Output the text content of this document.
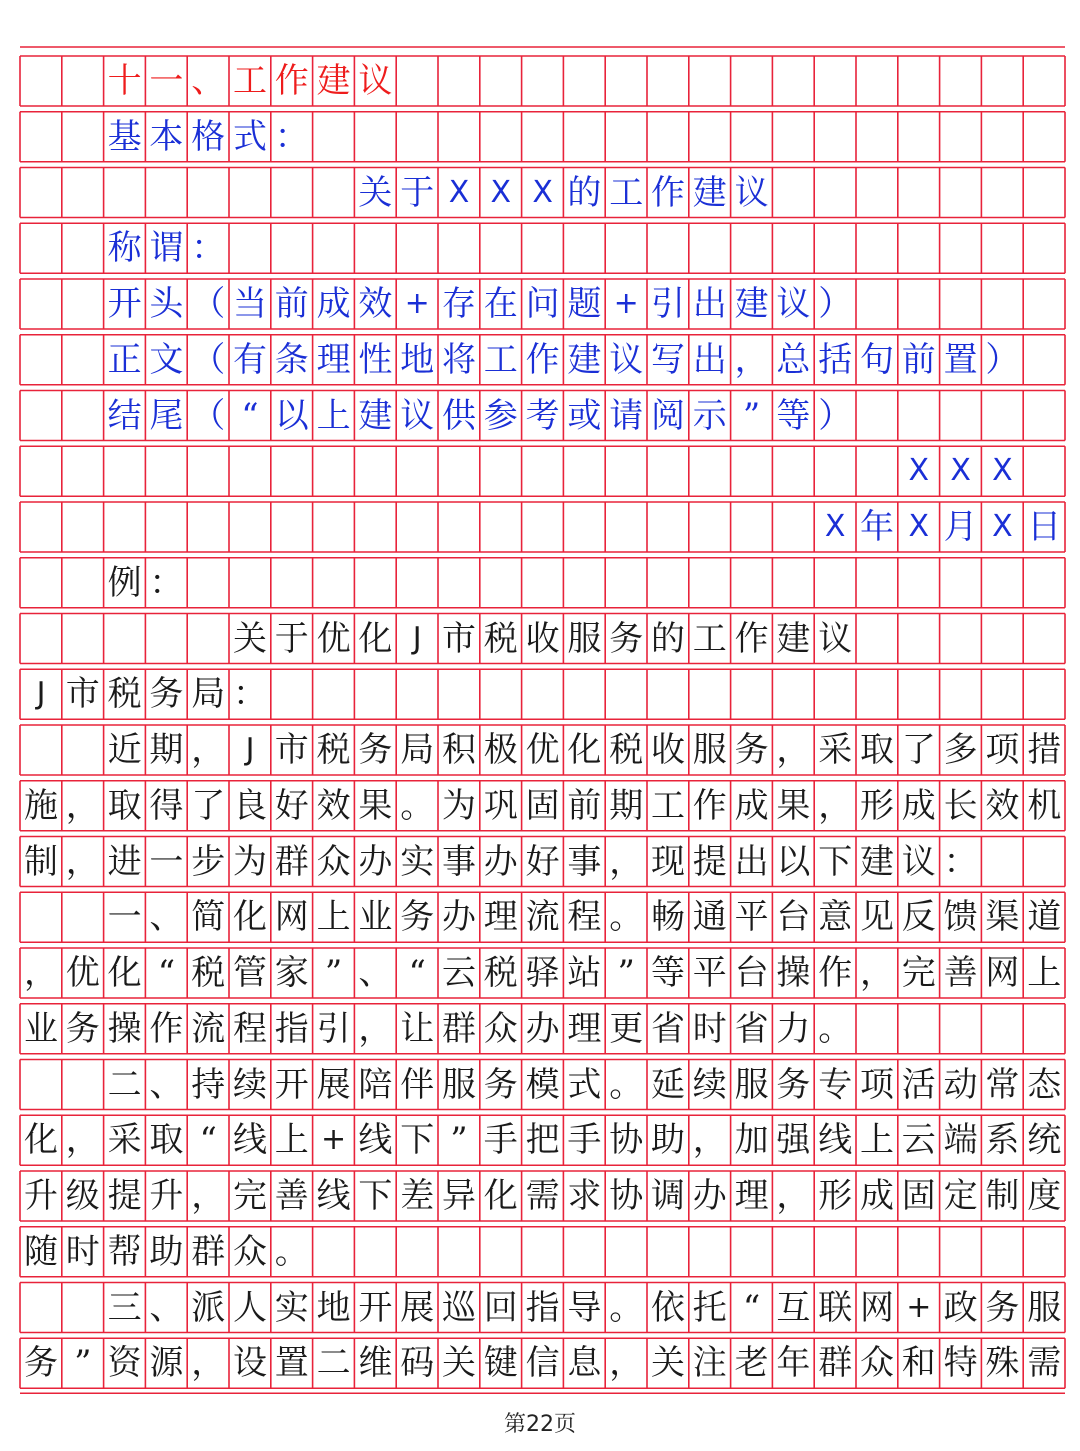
十 一 、 工 作 建 议
基 本 格 式 ：
关 于 X X X 的 工 作 建 议
称 谓 ：
开 头 （ 当 前 成 效 + 存 在 问 题 + 引 出 建 议 ）
正 文 （ 有 条 理 性 地 将 工 作 建 议 写 出 ， 总 括 句 前 置 ）
结 尾 （ “ 以 上 建 议 供 参 考 或 请 阅 示 ” 等 ）
X X X
X 年 X 月 X 日
例 ：
关 于 优 化 J 市 税 收 服 务 的 工 作 建 议
J 市 税 务 局 ：
近 期 ， J 市 税 务 局 积 极 优 化 税 收 服 务 ， 采 取 了 多 项 措
施 ， 取 得 了 良 好 效 果 。 为 巩 固 前 期 工 作 成 果 ， 形 成 长 效 机
制 ， 进 一 步 为 群 众 办 实 事 办 好 事 ， 现 提 出 以 下 建 议 ：
一 、 简 化 网 上 业 务 办 理 流 程 。 畅 通 平 台 意 见 反 馈 渠 道
， 优 化 “ 税 管 家 ” 、 “ 云 税 驿 站 ” 等 平 台 操 作 ， 完 善 网 上
业 务 操 作 流 程 指 引 ， 让 群 众 办 理 更 省 时 省 力 。
二 、 持 续 开 展 陪 伴 服 务 模 式 。 延 续 服 务 专 项 活 动 常 态
化 ， 采 取 “ 线 上 + 线 下 ” 手 把 手 协 助 ， 加 强 线 上 云 端 系 统
升 级 提 升 ， 完 善 线 下 差 异 化 需 求 协 调 办 理 ， 形 成 固 定 制 度
随 时 帮 助 群 众 。
三 、 派 人 实 地 开 展 巡 回 指 导 。 依 托 “ 互 联 网 + 政 务 服
务 ” 资 源 ， 设 置 二 维 码 关 键 信 息 ， 关 注 老 年 群 众 和 特 殊 需
第22页
